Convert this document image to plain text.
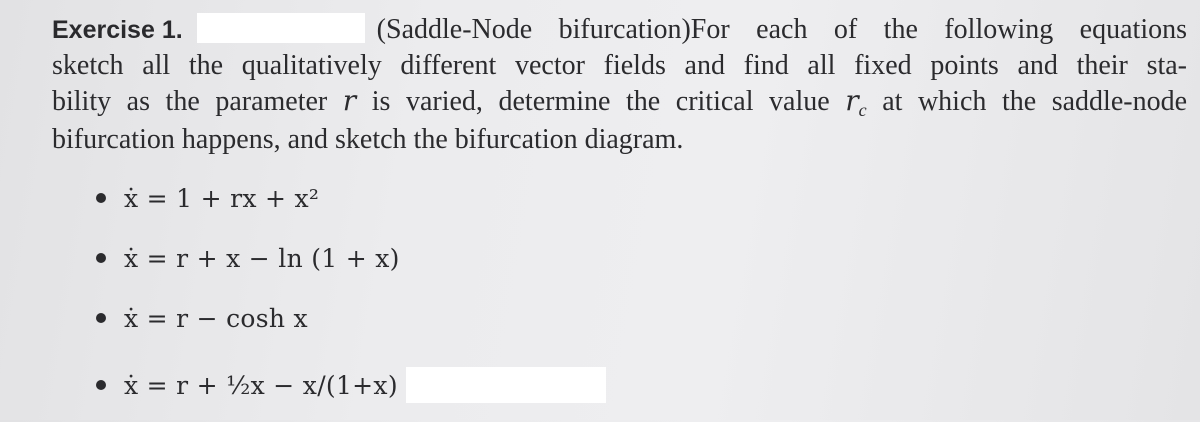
Exercise 1.	(Saddle-Node bifurcation)For each of the following equations
sketch all the qualitatively different vector fields and find all fixed points and their sta-
bility as the parameter r is varied, determine the critical value $r_c$ at which the saddle-node
bifurcation happens, and sketch the bifurcation diagram.
ẋ = 1 + rx + x²
ẋ = r + x − ln (1 + x)
ẋ = r − cosh x
ẋ = r + ½x − x/(1+x)
